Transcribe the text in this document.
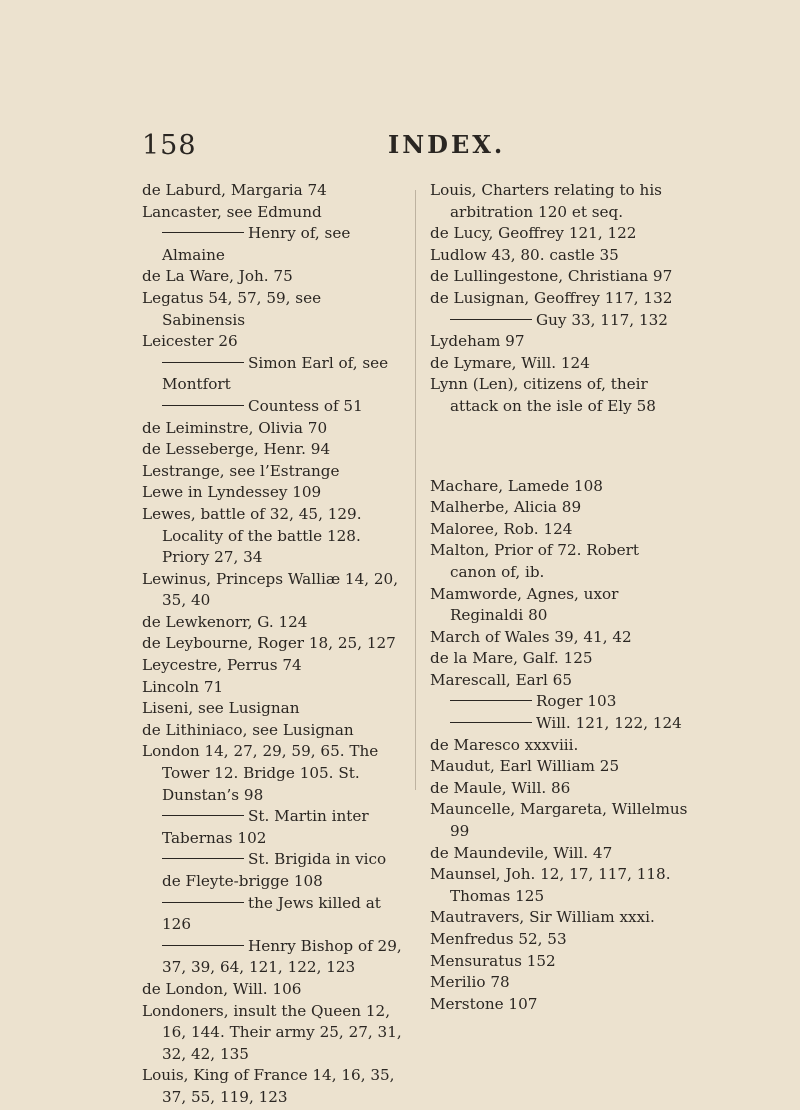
158	INDEX.

de Laburd, Margaria 74

Lancaster, see Edmund

Henry of, see Almaine

de La Ware, Joh. 75

Legatus 54, 57, 59, see Sabinensis

Leicester 26

Simon Earl of, see Montfort

Countess of 51

de Leiminstre, Olivia 70

de Lesseberge, Henr. 94

Lestrange, see l’Estrange

Lewe in Lyndessey 109

Lewes, battle of 32, 45, 129. Locality of the battle 128. Priory 27, 34

Lewinus, Princeps Walliæ 14, 20, 35, 40

de Lewkenorr, G. 124

de Leybourne, Roger 18, 25, 127

Leycestre, Perrus 74

Lincoln 71

Liseni, see Lusignan

de Lithiniaco, see Lusignan

London 14, 27, 29, 59, 65. The Tower 12. Bridge 105. St. Dunstan’s 98

St. Martin inter Tabernas 102

St. Brigida in vico de Fleyte-brigge 108

the Jews killed at 126

Henry Bishop of 29, 37, 39, 64, 121, 122, 123

de London, Will. 106

Londoners, insult the Queen 12, 16, 144. Their army 25, 27, 31, 32, 42, 135

Louis, King of France 14, 16, 35, 37, 55, 119, 123

Louis, Charters relating to his arbitration 120 et seq.

de Lucy, Geoffrey 121, 122

Ludlow 43, 80. castle 35

de Lullingestone, Christiana 97

de Lusignan, Geoffrey 117, 132

Guy 33, 117, 132

Lydeham 97

de Lymare, Will. 124

Lynn (Len), citizens of, their attack on the isle of Ely 58

Machare, Lamede 108

Malherbe, Alicia 89

Maloree, Rob. 124

Malton, Prior of 72. Robert canon of, ib.

Mamworde, Agnes, uxor Reginaldi 80

March of Wales 39, 41, 42

de la Mare, Galf. 125

Marescall, Earl 65

Roger 103

Will. 121, 122, 124

de Maresco xxxviii.

Maudut, Earl William 25

de Maule, Will. 86

Mauncelle, Margareta, Willelmus 99

de Maundevile, Will. 47

Maunsel, Joh. 12, 17, 117, 118. Thomas 125

Mautravers, Sir William xxxi.

Menfredus 52, 53

Mensuratus 152

Merilio 78

Merstone 107
